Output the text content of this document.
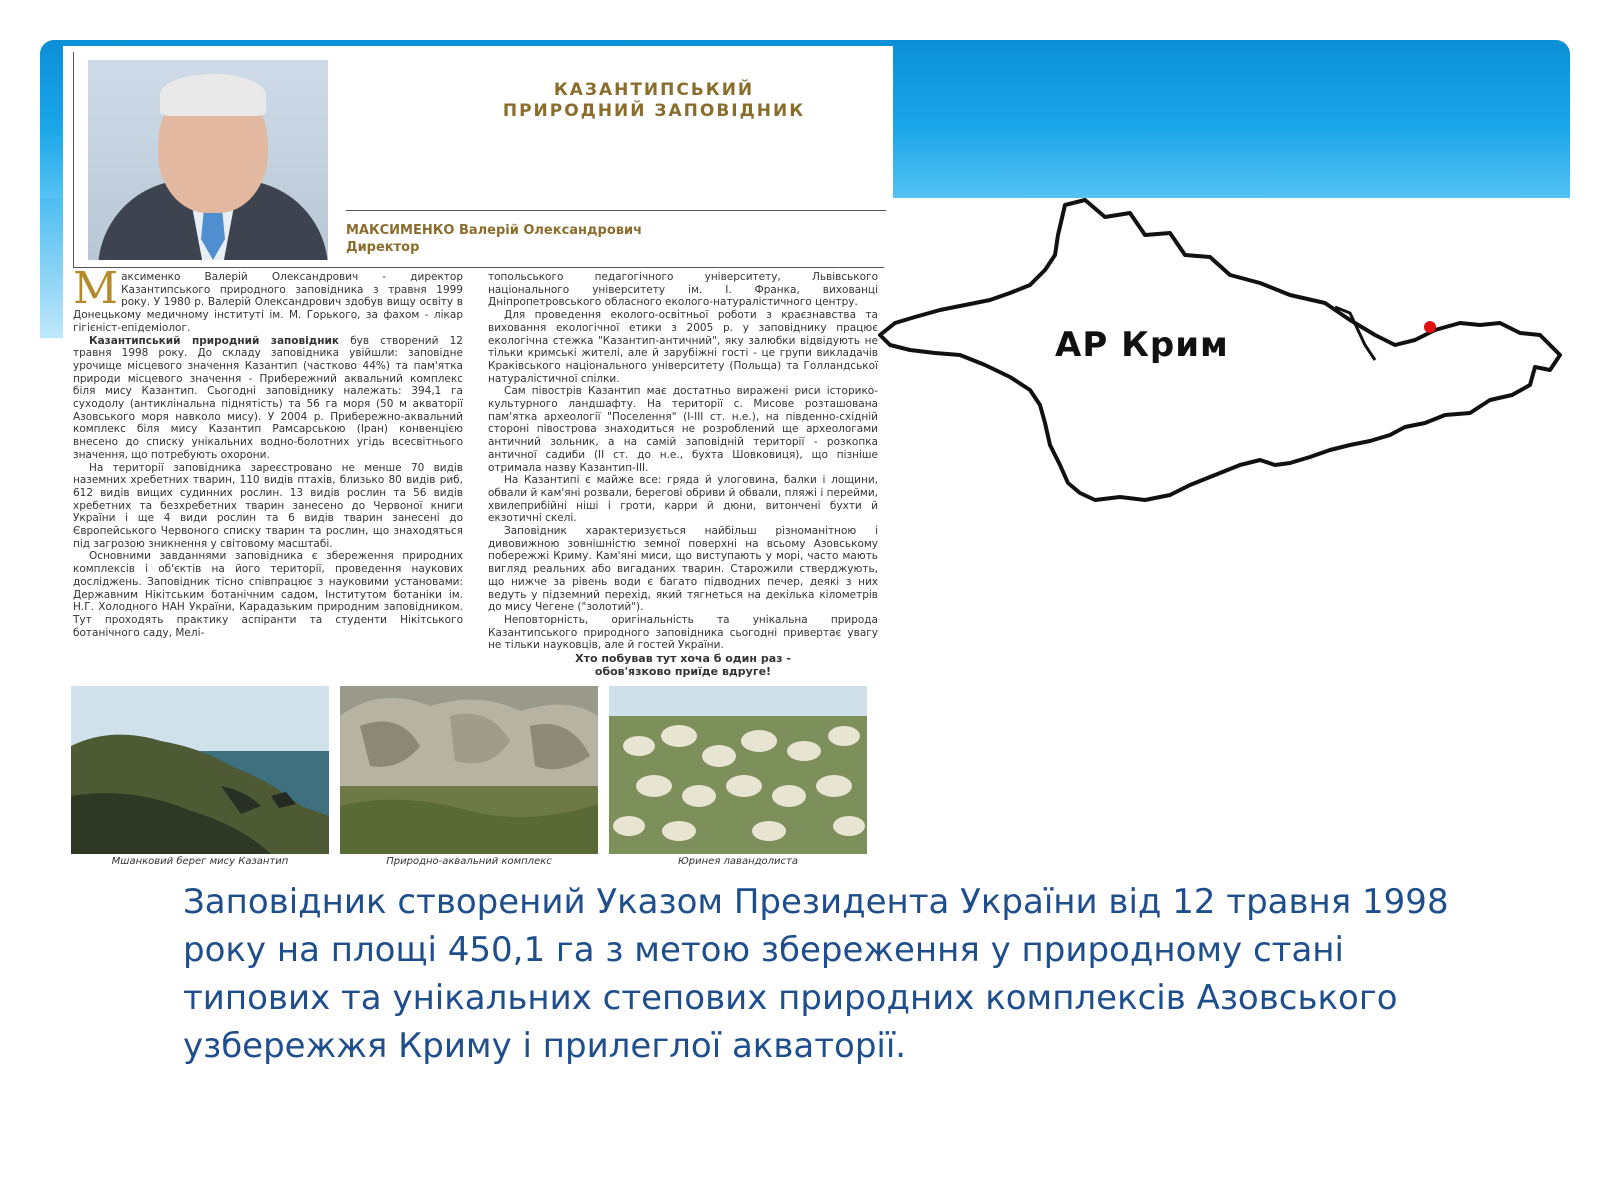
КАЗАНТИПСЬКИЙ
ПРИРОДНИЙ ЗАПОВІДНИК
МАКСИМЕНКО Валерій Олександрович
Директор

Максименко Валерій Олександрович - директор Казантипського природного заповідника з травня 1999 року. У 1980 р. Валерій Олександрович здобув вищу освіту в Донецькому медичному інституті ім. М. Горького, за фахом - лікар гігієніст-епідеміолог.

Казантипський природний заповідник був створений 12 травня 1998 року. До складу заповідника увійшли: заповідне урочище місцевого значення Казантип (частково 44%) та пам'ятка природи місцевого значення - Прибережний аквальний комплекс біля мису Казантип. Сьогодні заповіднику належать: 394,1 га суходолу (антиклінальна піднятість) та 56 га моря (50 м акваторії Азовського моря навколо мису). У 2004 р. Прибережно-аквальний комплекс біля мису Казантип Рамсарською (Іран) конвенцією внесено до списку унікальних водно-болотних угідь всесвітнього значення, що потребують охорони.

На території заповідника зареєстровано не менше 70 видів наземних хребетних тварин, 110 видів птахів, близько 80 видів риб, 612 видів вищих судинних рослин. 13 видів рослин та 56 видів хребетних та безхребетних тварин занесено до Червоної книги України і ще 4 види рослин та 6 видів тварин занесені до Європейського Червоного списку тварин та рослин, що знаходяться під загрозою зникнення у світовому масштабі.

Основними завданнями заповідника є збереження природних комплексів і об'єктів на його території, проведення наукових досліджень. Заповідник тісно співпрацює з науковими установами: Державним Нікітським ботанічним садом, Інститутом ботаніки ім. Н.Г. Холодного НАН України, Карадазьким природним заповідником. Тут проходять практику аспіранти та студенти Нікітського ботанічного саду, Мелі-

топольського педагогічного університету, Львівського національного університету ім. І. Франка, вихованці Дніпропетровського обласного еколого-натуралістичного центру.

Для проведення еколого-освітньої роботи з краєзнавства та виховання екологічної етики з 2005 р. у заповіднику працює екологічна стежка "Казантип-античний", яку залюбки відвідують не тільки кримські жителі, але й зарубіжні гості - це групи викладачів Краківського національного університету (Польща) та Голландської натуралістичної спілки.

Сам півострів Казантип має достатньо виражені риси історико-культурного ландшафту. На території с. Мисове розташована пам'ятка археології "Поселення" (I-III ст. н.е.), на південно-східній стороні півострова знаходиться не розроблений ще археологами античний зольник, а на самій заповідній території - розкопка античної садиби (II ст. до н.е., бухта Шовковиця), що пізніше отримала назву Казантип-III.

На Казантипі є майже все: гряда й улоговина, балки і лощини, обвали й кам'яні розвали, берегові обриви й обвали, пляжі і перейми, хвилеприбійні ніші і гроти, карри й дюни, витончені бухти й екзотичні скелі.

Заповідник характеризується найбільш різноманітною і дивовижною зовнішністю земної поверхні на всьому Азовському побережжі Криму. Кам'яні миси, що виступають у морі, часто мають вигляд реальних або вигаданих тварин. Старожили стверджують, що нижче за рівень води є багато підводних печер, деякі з них ведуть у підземний перехід, який тягнеться на декілька кілометрів до мису Чегене ("золотий").

Неповторність, оригінальність та унікальна природа Казантипського природного заповідника сьогодні привертає увагу не тільки науковців, але й гостей України.

Хто побував тут хоча б один раз -

обов'язково приїде вдруге!

Мшанковий берег мису Казантип	Природно-аквальний комплекс	Юринея лавандолиста
АР Крим
Заповідник створений Указом Президента України від 12 травня 1998 року на площі 450,1 га з метою збереження у природному стані типових та унікальних степових природних комплексів Азовського узбережжя Криму і прилеглої акваторії.
